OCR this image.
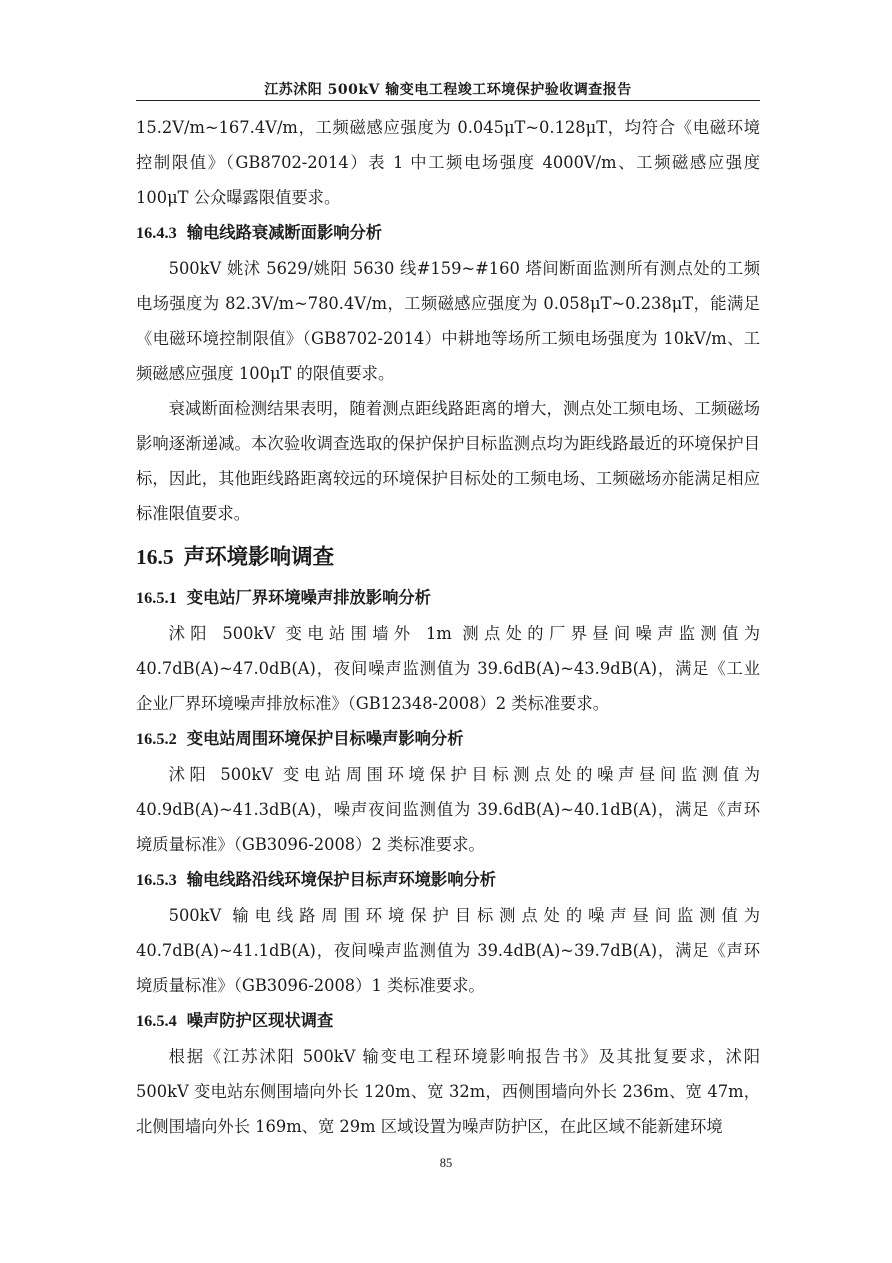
江苏沭阳 500kV 输变电工程竣工环境保护验收调查报告

15.2V/m~167.4V/m，工频磁感应强度为 0.045μT~0.128μT，均符合《电磁环境控制限值》（GB8702-2014）表 1 中工频电场强度 4000V/m、工频磁感应强度 100μT 公众曝露限值要求。

16.4.3 输电线路衰减断面影响分析

500kV 姚沭 5629/姚阳 5630 线#159~#160 塔间断面监测所有测点处的工频电场强度为 82.3V/m~780.4V/m，工频磁感应强度为 0.058μT~0.238μT，能满足《电磁环境控制限值》（GB8702-2014）中耕地等场所工频电场强度为 10kV/m、工频磁感应强度 100μT 的限值要求。

衰减断面检测结果表明，随着测点距线路距离的增大，测点处工频电场、工频磁场影响逐渐递减。本次验收调查选取的保护保护目标监测点均为距线路最近的环境保护目标，因此，其他距线路距离较远的环境保护目标处的工频电场、工频磁场亦能满足相应标准限值要求。

16.5 声环境影响调查
16.5.1 变电站厂界环境噪声排放影响分析

沭阳 500kV 变电站围墙外 1m 测点处的厂界昼间噪声监测值为

40.7dB(A)~47.0dB(A)，夜间噪声监测值为 39.6dB(A)~43.9dB(A)，满足《工业企业厂界环境噪声排放标准》（GB12348-2008）2 类标准要求。

16.5.2 变电站周围环境保护目标噪声影响分析

沭阳 500kV 变电站周围环境保护目标测点处的噪声昼间监测值为

40.9dB(A)~41.3dB(A)，噪声夜间监测值为 39.6dB(A)~40.1dB(A)，满足《声环境质量标准》（GB3096-2008）2 类标准要求。

16.5.3 输电线路沿线环境保护目标声环境影响分析

500kV 输电线路周围环境保护目标测点处的噪声昼间监测值为

40.7dB(A)~41.1dB(A)，夜间噪声监测值为 39.4dB(A)~39.7dB(A)，满足《声环境质量标准》（GB3096-2008）1 类标准要求。

16.5.4 噪声防护区现状调查

根据《江苏沭阳 500kV 输变电工程环境影响报告书》及其批复要求，沭阳 500kV 变电站东侧围墙向外长 120m、宽 32m，西侧围墙向外长 236m、宽 47m，北侧围墙向外长 169m、宽 29m 区域设置为噪声防护区，在此区域不能新建环境

85
